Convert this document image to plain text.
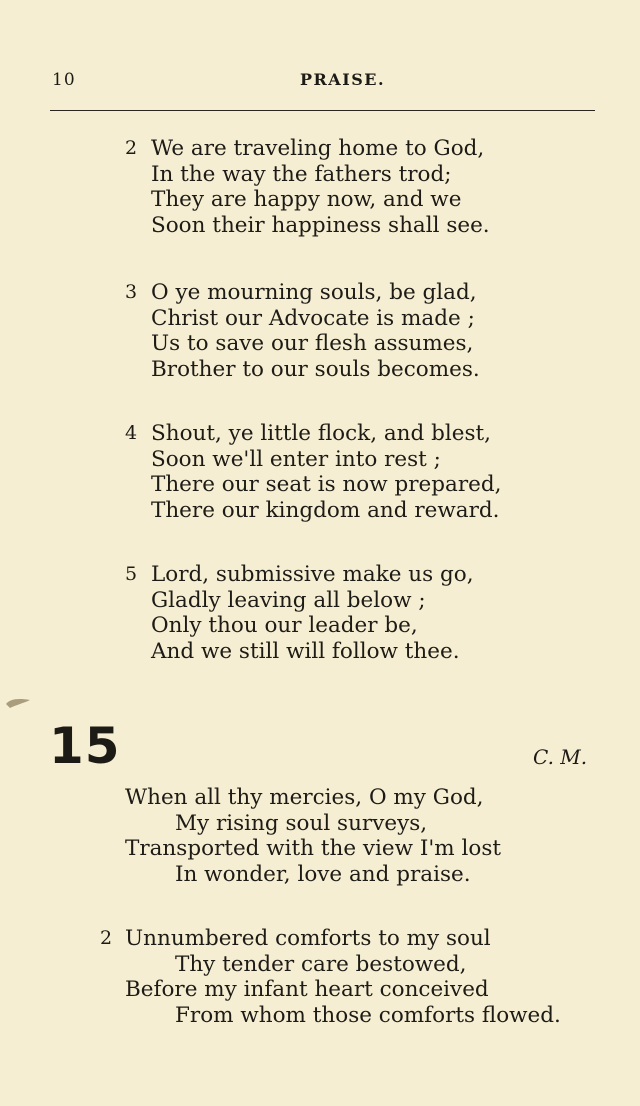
10	PRAISE.
2 We are traveling home to God,
In the way the fathers trod;
They are happy now, and we
Soon their happiness shall see.
3 O ye mourning souls, be glad,
Christ our Advocate is made ;
Us to save our flesh assumes,
Brother to our souls becomes.
4 Shout, ye little flock, and blest,
Soon we'll enter into rest ;
There our seat is now prepared,
There our kingdom and reward.
5 Lord, submissive make us go,
Gladly leaving all below ;
Only thou our leader be,
And we still will follow thee.
15	C. M.
When all thy mercies, O my God,
My rising soul surveys,
Transported with the view I'm lost
In wonder, love and praise.
2 Unnumbered comforts to my soul
Thy tender care bestowed,
Before my infant heart conceived
From whom those comforts flowed.
